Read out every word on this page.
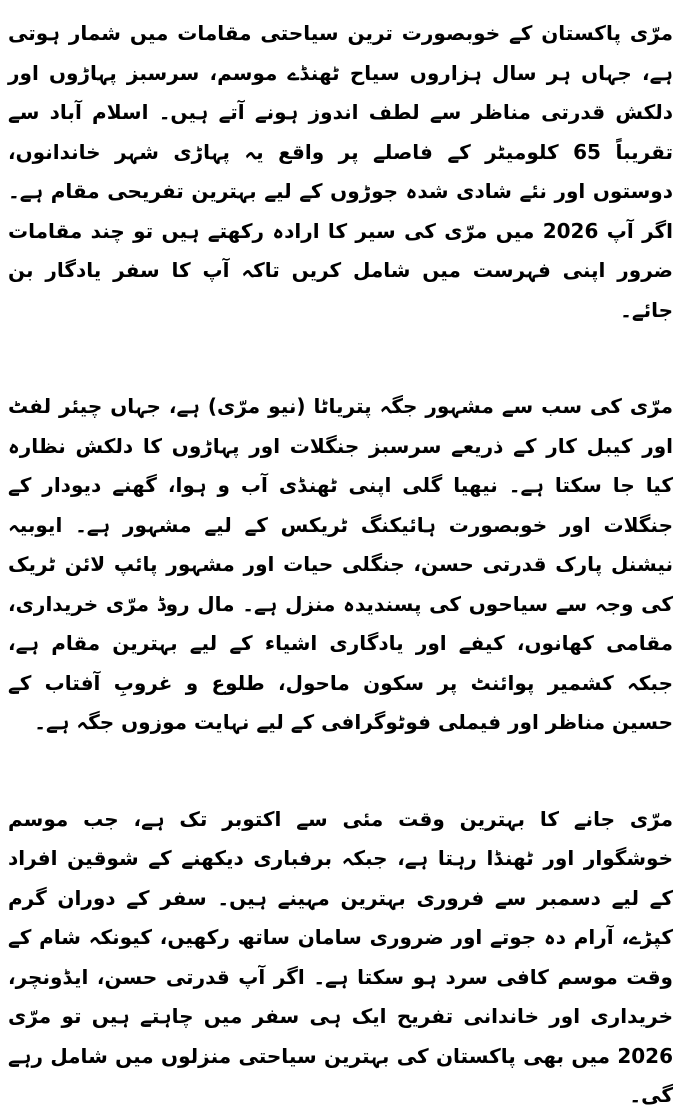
مرّی پاکستان کے خوبصورت ترین سیاحتی مقامات میں شمار ہوتی ہے، جہاں ہر سال ہزاروں سیاح ٹھنڈے موسم، سرسبز پہاڑوں اور دلکش قدرتی مناظر سے لطف اندوز ہونے آتے ہیں۔ اسلام آباد سے تقریباً 65 کلومیٹر کے فاصلے پر واقع یہ پہاڑی شہر خاندانوں، دوستوں اور نئے شادی شدہ جوڑوں کے لیے بہترین تفریحی مقام ہے۔ اگر آپ 2026 میں مرّی کی سیر کا ارادہ رکھتے ہیں تو چند مقامات ضرور اپنی فہرست میں شامل کریں تاکہ آپ کا سفر یادگار بن جائے۔

مرّی کی سب سے مشہور جگہ پتریاٹا (نیو مرّی) ہے، جہاں چیئر لفٹ اور کیبل کار کے ذریعے سرسبز جنگلات اور پہاڑوں کا دلکش نظارہ کیا جا سکتا ہے۔ نیھیا گلی اپنی ٹھنڈی آب و ہوا، گھنے دیودار کے جنگلات اور خوبصورت ہائیکنگ ٹریکس کے لیے مشہور ہے۔ ایوبیہ نیشنل پارک قدرتی حسن، جنگلی حیات اور مشہور پائپ لائن ٹریک کی وجہ سے سیاحوں کی پسندیدہ منزل ہے۔ مال روڈ مرّی خریداری، مقامی کھانوں، کیفے اور یادگاری اشیاء کے لیے بہترین مقام ہے، جبکہ کشمیر پوائنٹ پر سکون ماحول، طلوع و غروبِ آفتاب کے حسین مناظر اور فیملی فوٹوگرافی کے لیے نہایت موزوں جگہ ہے۔

مرّی جانے کا بہترین وقت مئی سے اکتوبر تک ہے، جب موسم خوشگوار اور ٹھنڈا رہتا ہے، جبکہ برفباری دیکھنے کے شوقین افراد کے لیے دسمبر سے فروری بہترین مہینے ہیں۔ سفر کے دوران گرم کپڑے، آرام دہ جوتے اور ضروری سامان ساتھ رکھیں، کیونکہ شام کے وقت موسم کافی سرد ہو سکتا ہے۔ اگر آپ قدرتی حسن، ایڈونچر، خریداری اور خاندانی تفریح ایک ہی سفر میں چاہتے ہیں تو مرّی 2026 میں بھی پاکستان کی بہترین سیاحتی منزلوں میں شامل رہے گی۔
